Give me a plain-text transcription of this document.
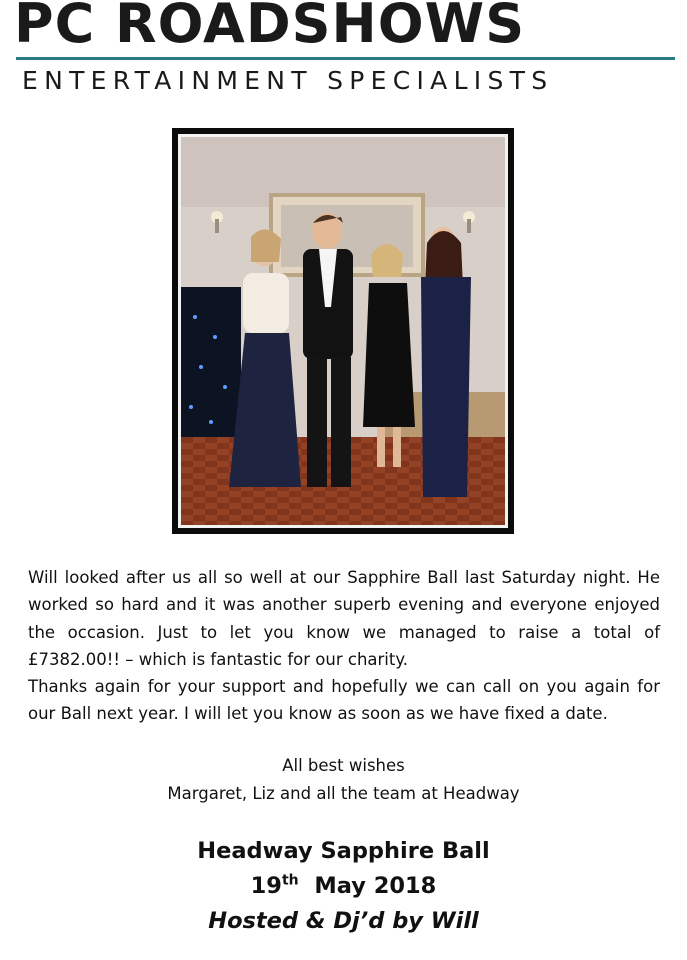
PC ROADSHOWS
ENTERTAINMENT SPECIALISTS

Will looked after us all so well at our Sapphire Ball last Saturday night. He worked so hard and it was another superb evening and everyone enjoyed the occasion. Just to let you know we managed to raise a total of £7382.00!! – which is fantastic for our charity.

Thanks again for your support and hopefully we can call on you again for our Ball next year. I will let you know as soon as we have fixed a date.

All best wishes
Margaret, Liz and all the team at Headway
Headway Sapphire Ball
19th May 2018
Hosted & Dj’d by Will
